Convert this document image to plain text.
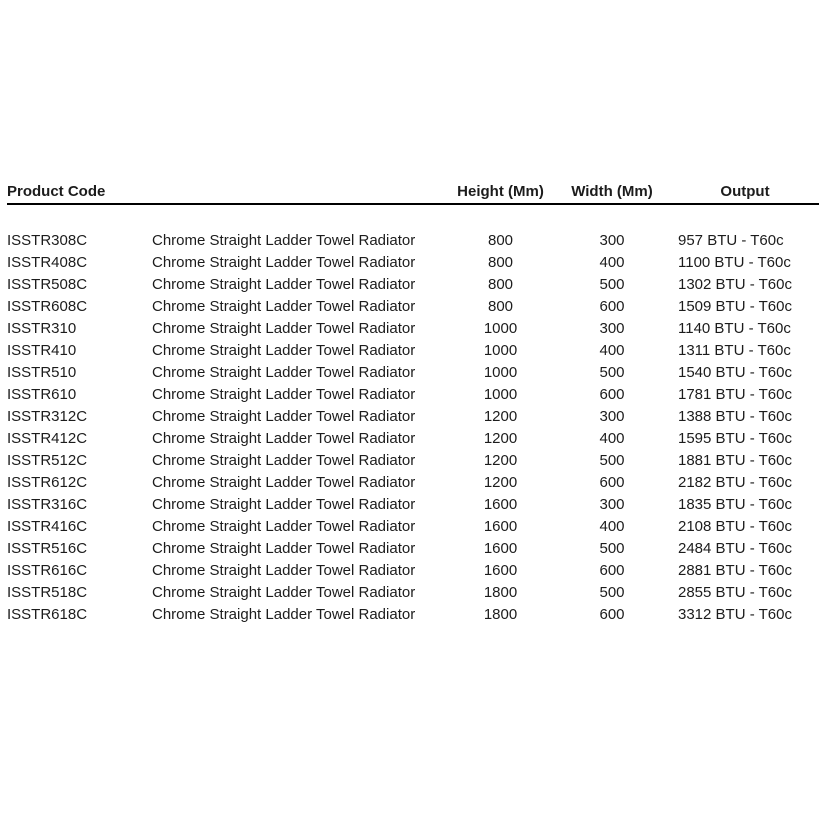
Product Code		Height (Mm)	Width (Mm)	Output
ISSTR308C	Chrome Straight Ladder Towel Radiator	800	300	957 BTU - T60c
ISSTR408C	Chrome Straight Ladder Towel Radiator	800	400	1100 BTU - T60c
ISSTR508C	Chrome Straight Ladder Towel Radiator	800	500	1302 BTU - T60c
ISSTR608C	Chrome Straight Ladder Towel Radiator	800	600	1509 BTU - T60c
ISSTR310	Chrome Straight Ladder Towel Radiator	1000	300	1140 BTU - T60c
ISSTR410	Chrome Straight Ladder Towel Radiator	1000	400	1311 BTU - T60c
ISSTR510	Chrome Straight Ladder Towel Radiator	1000	500	1540 BTU - T60c
ISSTR610	Chrome Straight Ladder Towel Radiator	1000	600	1781 BTU - T60c
ISSTR312C	Chrome Straight Ladder Towel Radiator	1200	300	1388 BTU - T60c
ISSTR412C	Chrome Straight Ladder Towel Radiator	1200	400	1595 BTU - T60c
ISSTR512C	Chrome Straight Ladder Towel Radiator	1200	500	1881 BTU - T60c
ISSTR612C	Chrome Straight Ladder Towel Radiator	1200	600	2182 BTU - T60c
ISSTR316C	Chrome Straight Ladder Towel Radiator	1600	300	1835 BTU - T60c
ISSTR416C	Chrome Straight Ladder Towel Radiator	1600	400	2108 BTU - T60c
ISSTR516C	Chrome Straight Ladder Towel Radiator	1600	500	2484 BTU - T60c
ISSTR616C	Chrome Straight Ladder Towel Radiator	1600	600	2881 BTU - T60c
ISSTR518C	Chrome Straight Ladder Towel Radiator	1800	500	2855 BTU - T60c
ISSTR618C	Chrome Straight Ladder Towel Radiator	1800	600	3312 BTU - T60c
